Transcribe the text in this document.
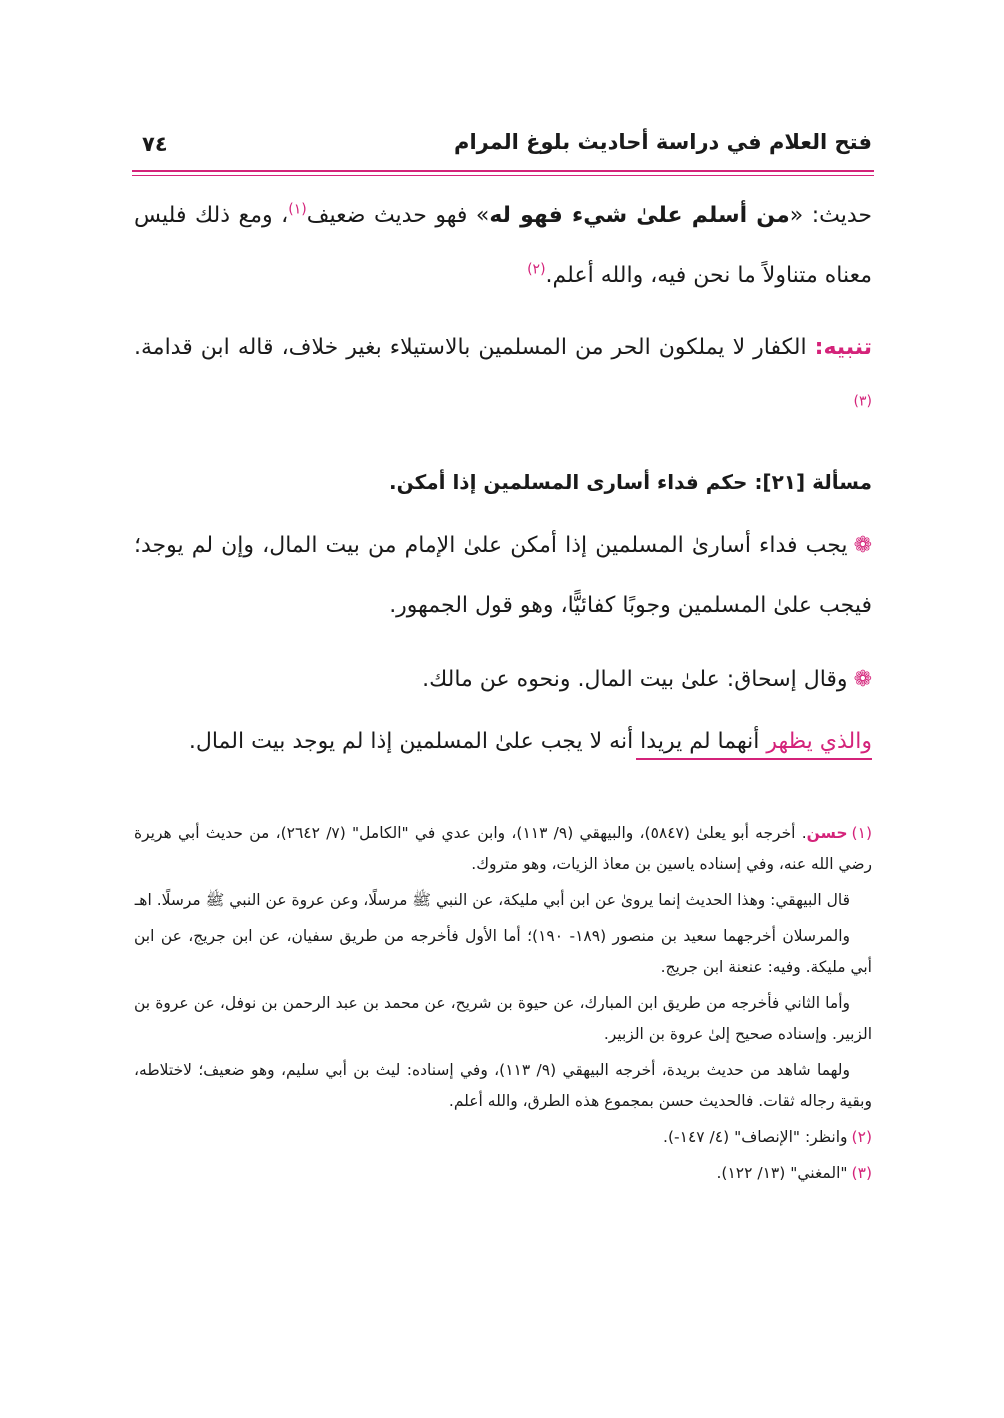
فتح العلام في دراسة أحاديث بلوغ المرام
٧٤
حديث: «من أسلم علىٰ شيء فهو له» فهو حديث ضعيف$^{(١)}$، ومع ذلك فليس معناه متناولاً ما نحن فيه، والله أعلم.$^{(٢)}$
تنبيه: الكفار لا يملكون الحر من المسلمين بالاستيلاء بغير خلاف، قاله ابن قدامة.$^{(٣)}$
مسألة [٢١]: حكم فداء أسارى المسلمين إذا أمكن.
❁يجب فداء أسارىٰ المسلمين إذا أمكن علىٰ الإمام من بيت المال، وإن لم يوجد؛ فيجب علىٰ المسلمين وجوبًا كفائيًّا، وهو قول الجمهور.
❁وقال إسحاق: علىٰ بيت المال. ونحوه عن مالك.
والذي يظهر أنهما لم يريدا أنه لا يجب علىٰ المسلمين إذا لم يوجد بيت المال.

(١)حسن. أخرجه أبو يعلىٰ (٥٨٤٧)، والبيهقي (٩/ ١١٣)، وابن عدي في "الكامل" (٧/ ٢٦٤٢)، من حديث أبي هريرة رضي الله عنه، وفي إسناده ياسين بن معاذ الزيات، وهو متروك.

قال البيهقي: وهذا الحديث إنما يروىٰ عن ابن أبي مليكة، عن النبي ﷺ مرسلًا، وعن عروة عن النبي ﷺ مرسلًا. اهـ

والمرسلان أخرجهما سعيد بن منصور (١٨٩- ١٩٠)؛ أما الأول فأخرجه من طريق سفيان، عن ابن جريج، عن ابن أبي مليكة. وفيه: عنعنة ابن جريج.

وأما الثاني فأخرجه من طريق ابن المبارك، عن حيوة بن شريح، عن محمد بن عبد الرحمن بن نوفل، عن عروة بن الزبير. وإسناده صحيح إلىٰ عروة بن الزبير.

ولهما شاهد من حديث بريدة، أخرجه البيهقي (٩/ ١١٣)، وفي إسناده: ليث بن أبي سليم، وهو ضعيف؛ لاختلاطه، وبقية رجاله ثقات. فالحديث حسن بمجموع هذه الطرق، والله أعلم.

(٢)وانظر: "الإنصاف" (٤/ ١٤٧-).

(٣)"المغني" (١٣/ ١٢٢).
